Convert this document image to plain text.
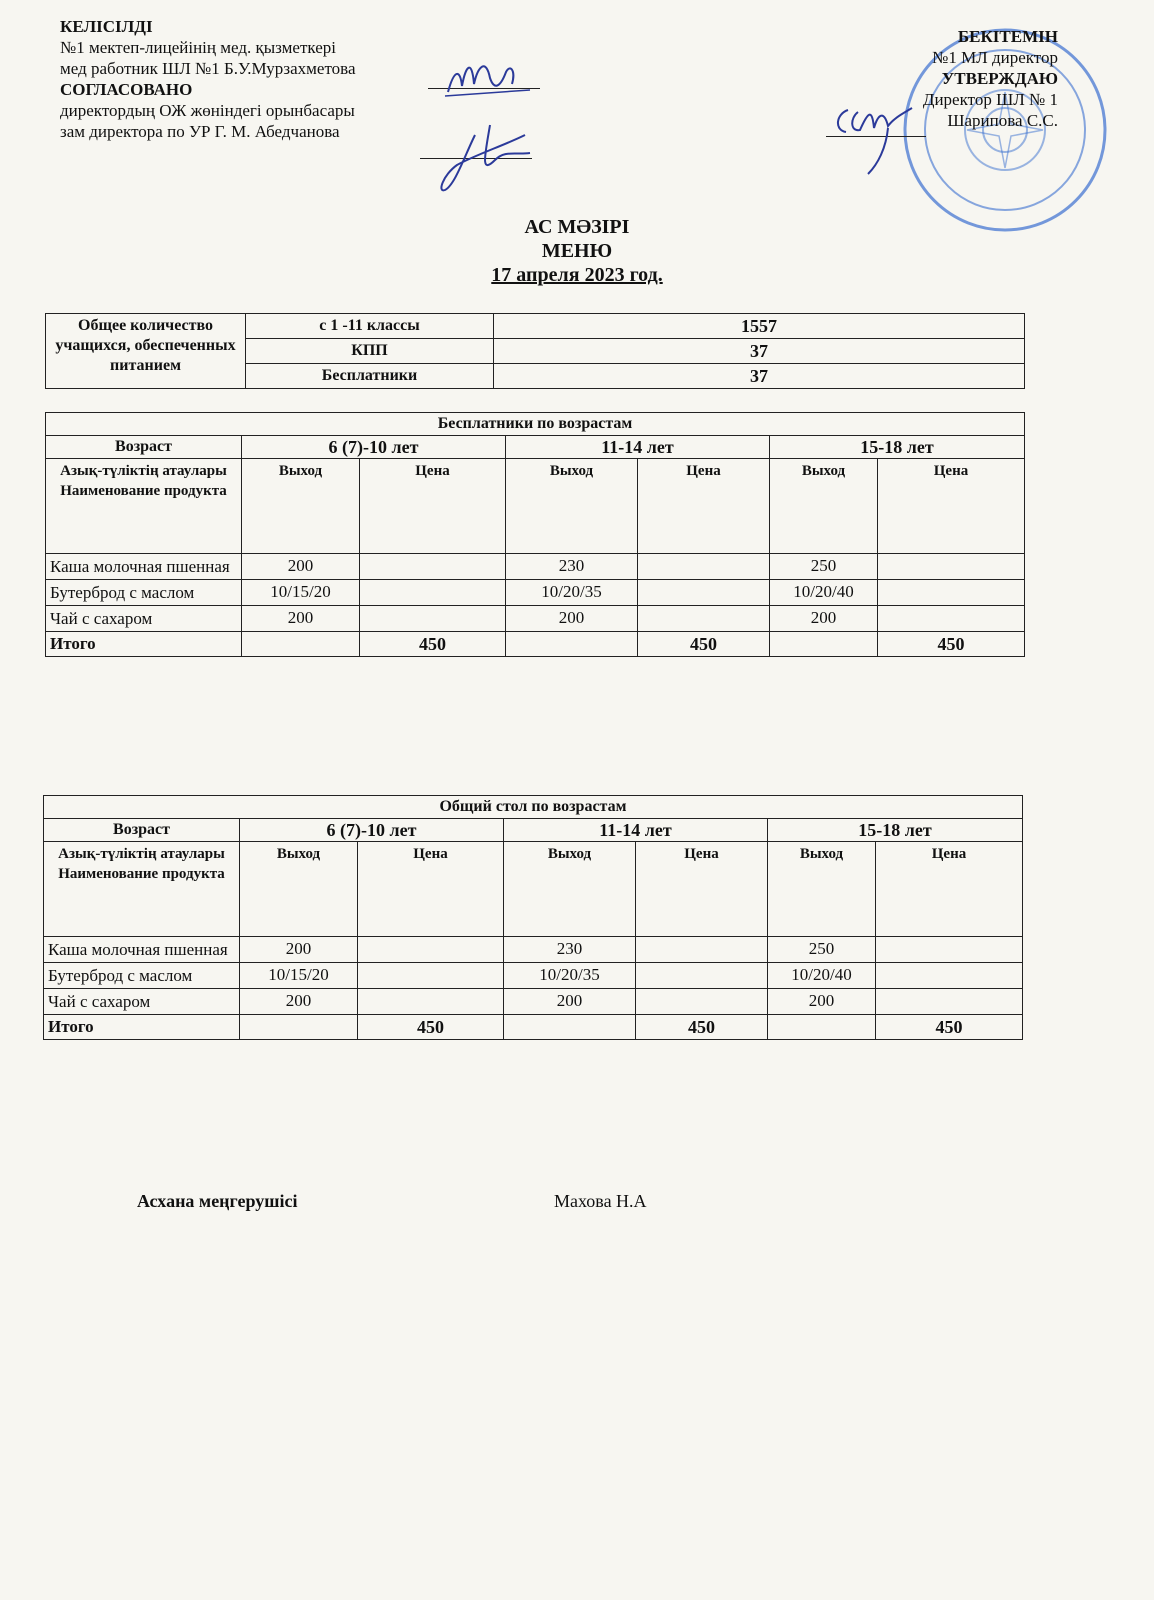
КЕЛІСІЛДІ
№1 мектеп-лицейінің мед. қызметкері
мед работник ШЛ №1 Б.У.Мурзахметова
СОГЛАСОВАНО
директордың ОЖ жөніндегі орынбасары
зам директора по УР Г. М. Абедчанова
БЕКІТЕМІН
№1 МЛ директор
УТВЕРЖДАЮ
Директор ШЛ № 1
Шарипова С.С.
АС МӘЗІРІ
МЕНЮ
17 апреля 2023 год.
Общее количество учащихся, обеспеченных питанием	с 1 -11 классы	1557
	КПП	37
	Бесплатники	37
Бесплатники по возрастам						
Возраст	6 (7)-10 лет		11-14 лет		15-18 лет	
Азық-түліктің атаулары Наименование продукта	Выход	Цена	Выход	Цена	Выход	Цена
Каша молочная пшенная	200		230		250	
Бутерброд с маслом	10/15/20		10/20/35		10/20/40	
Чай с сахаром	200		200		200	
Итого		450		450		450
Общий стол по возрастам						
Возраст	6 (7)-10 лет		11-14 лет		15-18 лет	
Азық-түліктің атаулары Наименование продукта	Выход	Цена	Выход	Цена	Выход	Цена
Каша молочная пшенная	200		230		250	
Бутерброд с маслом	10/15/20		10/20/35		10/20/40	
Чай с сахаром	200		200		200	
Итого		450		450		450
Асхана меңгерушісі	Махова Н.А
